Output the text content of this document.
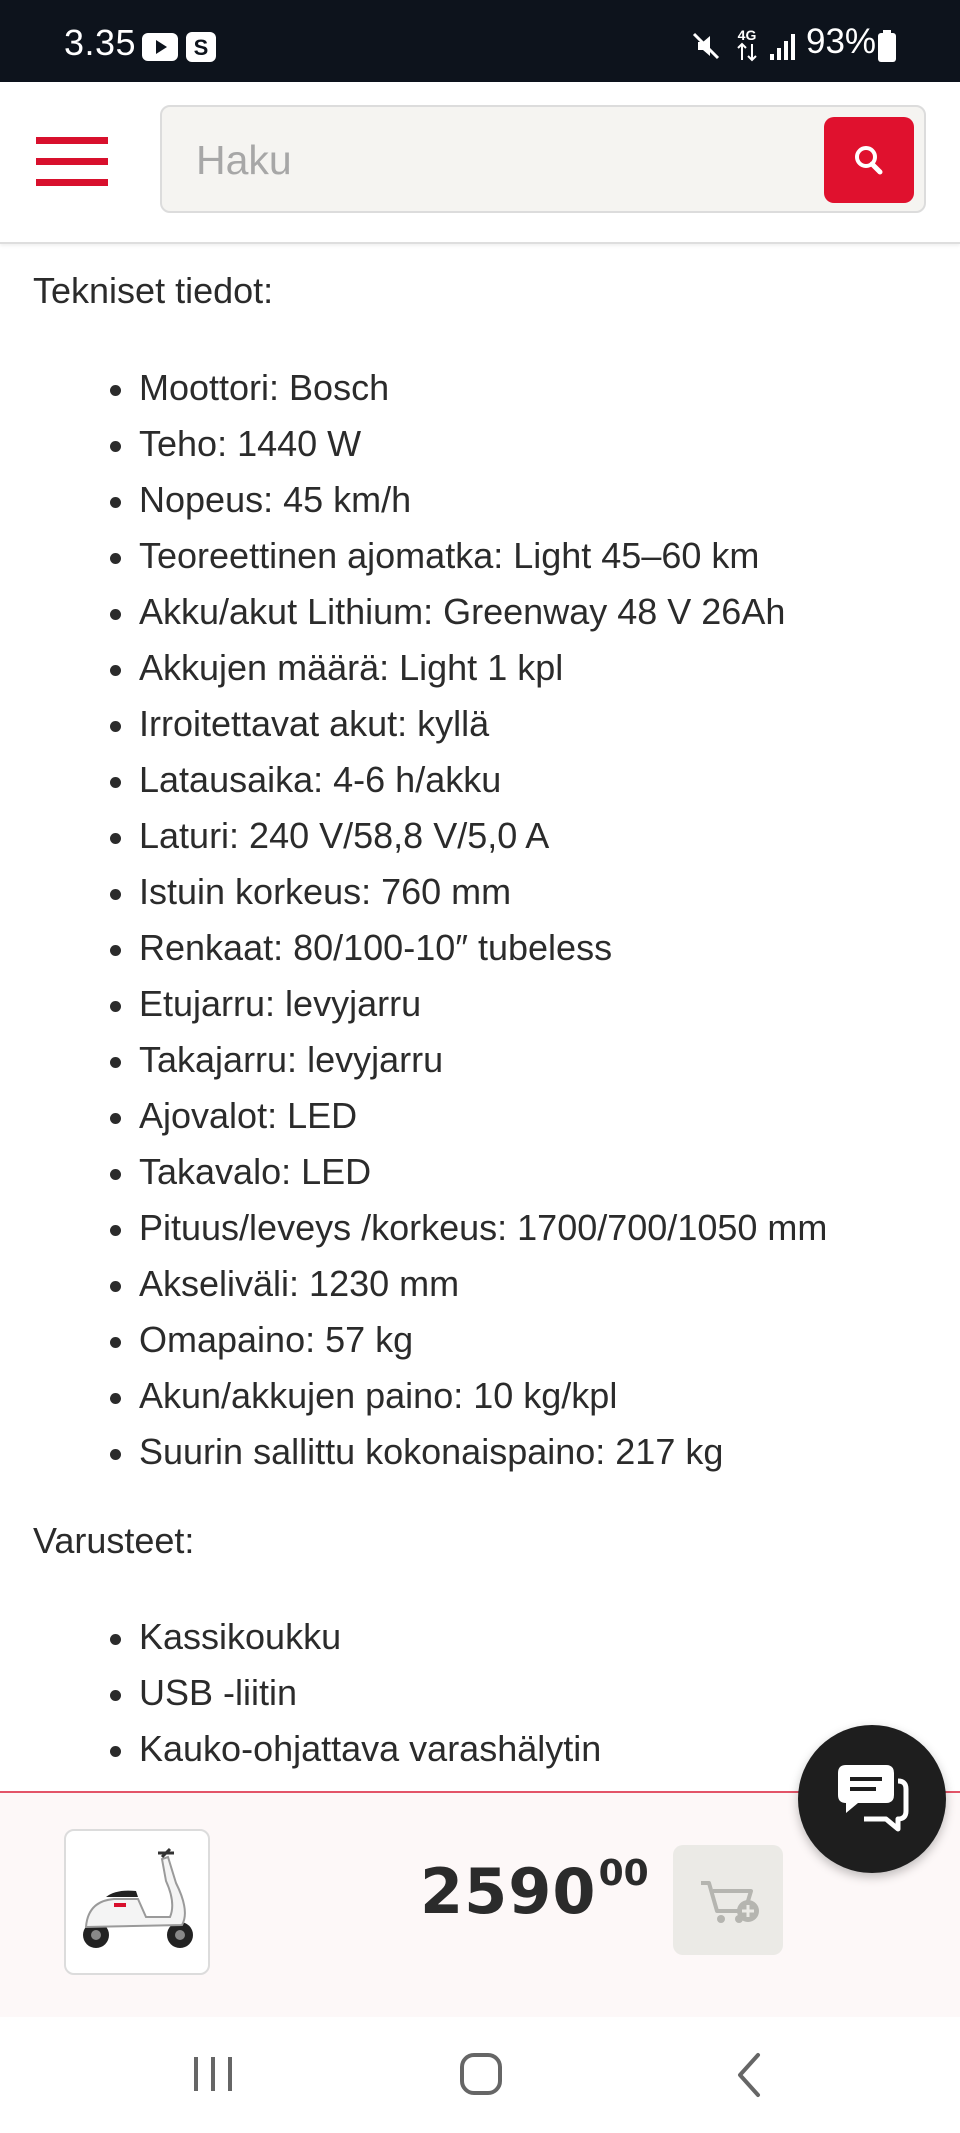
3.35	S	4G 93%
Haku
Tekniset tiedot:
Moottori: Bosch
Teho: 1440 W
Nopeus: 45 km/h
Teoreettinen ajomatka: Light 45–60 km
Akku/akut Lithium: Greenway 48 V 26Ah
Akkujen määrä: Light 1 kpl
Irroitettavat akut: kyllä
Latausaika: 4-6 h/akku
Laturi: 240 V/58,8 V/5,0 A
Istuin korkeus: 760 mm
Renkaat: 80/100-10″ tubeless
Etujarru: levyjarru
Takajarru: levyjarru
Ajovalot: LED
Takavalo: LED
Pituus/leveys /korkeus: 1700/700/1050 mm
Akseliväli: 1230 mm
Omapaino: 57 kg
Akun/akkujen paino: 10 kg/kpl
Suurin sallittu kokonaispaino: 217 kg
Varusteet:
Kassikoukku
USB -liitin
Kauko-ohjattava varashälytin
259000
